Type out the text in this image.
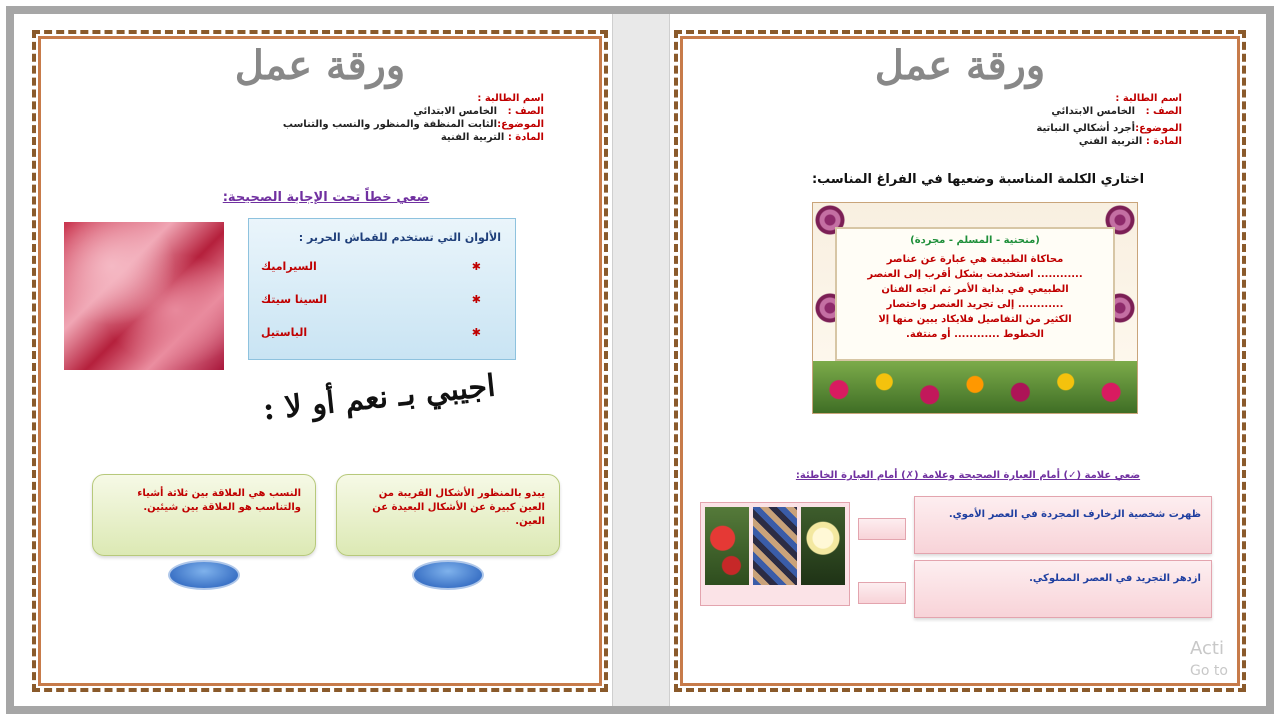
ورقة عمل
اسم الطالبة :
الصف :   الخامس الابتدائي
الموضوع:الثابت المنظفة والمنظور والنسب والتناسب
المادة : التربية الفنية
ضعي خطاً تحت الإجابة الصحيحة:
الألوان التي تستخدم للقماش الحرير :
✱
السيراميك
✱
السينا سيتك
✱
الباستيل
اجيبي بـ نعم أو لا :
يبدو بالمنظور الأشكال القريبة من العين كبيرة عن الأشكال البعيدة عن العين.
النسب هي العلاقة بين ثلاثة أشياء والتناسب هو العلاقة بين شيئين.
ورقة عمل
اسم الطالبة :
الصف :   الخامس الابتدائي
الموضوع:أجرد أشكالي النباتية
المادة : التربية الفني
اختاري الكلمة المناسبة وضعيها في الفراغ المناسب:
(منحنية - المسلم - مجردة)
محاكاة الطبيعة هي عبارة عن عناصر
............ استخدمت بشكل أقرب إلى العنصر
الطبيعي في بداية الأمر ثم اتجه الفنان
............ إلى تجريد العنصر واختصار
الكثير من التفاصيل فلايكاد يبين منها إلا
الخطوط ............ أو منتفة.
ضعي علامة (✓) أمام العبارة الصحيحة وعلامة (✗) أمام العبارة الخاطئة:
ظهرت شخصية الزخارف المجردة في العصر الأموي.
ازدهر التجريد في العصر المملوكي.
Acti
Go to
